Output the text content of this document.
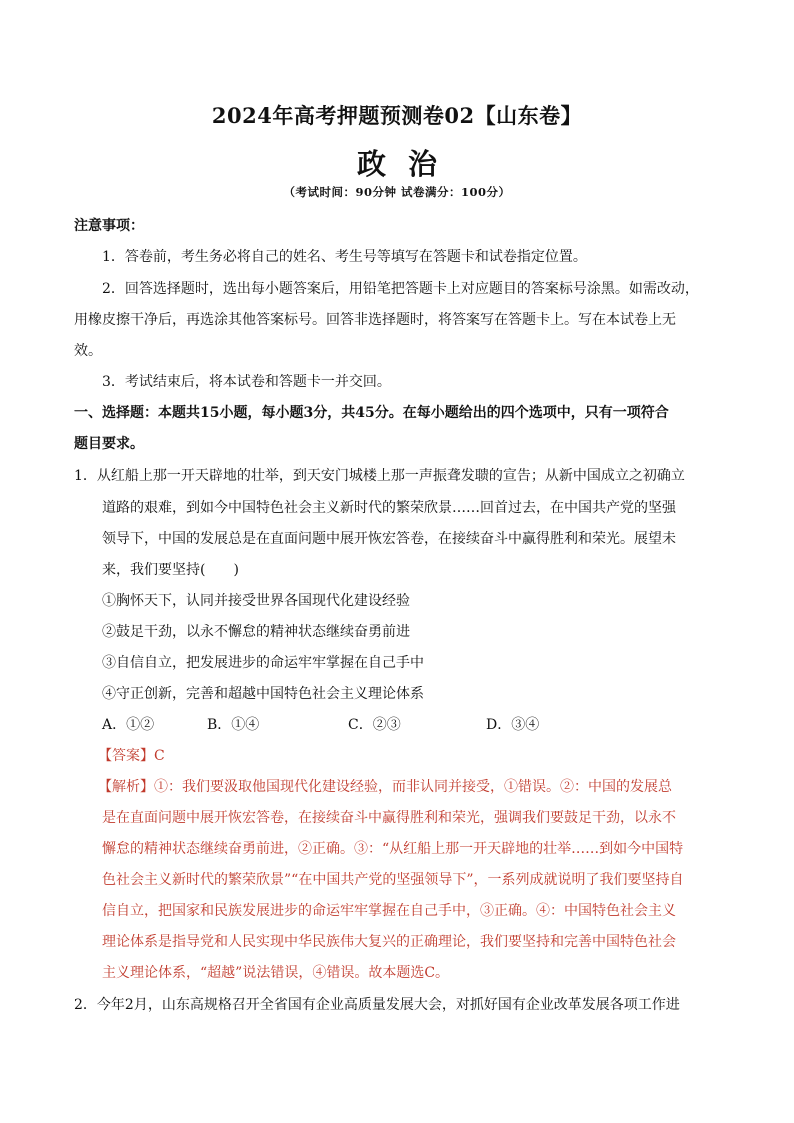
2024年高考押题预测卷02【山东卷】
政治
（考试时间：90分钟 试卷满分：100分）
注意事项：
1．答卷前，考生务必将自己的姓名、考生号等填写在答题卡和试卷指定位置。
2．回答选择题时，选出每小题答案后，用铅笔把答题卡上对应题目的答案标号涂黑。如需改动，
用橡皮擦干净后，再选涂其他答案标号。回答非选择题时，将答案写在答题卡上。写在本试卷上无
效。
3．考试结束后，将本试卷和答题卡一并交回。
一、选择题：本题共15小题，每小题3分，共45分。在每小题给出的四个选项中，只有一项符合
题目要求。
1．从红船上那一开天辟地的壮举，到天安门城楼上那一声振聋发聩的宣告；从新中国成立之初确立
道路的艰难，到如今中国特色社会主义新时代的繁荣欣景……回首过去，在中国共产党的坚强
领导下，中国的发展总是在直面问题中展开恢宏答卷，在接续奋斗中赢得胜利和荣光。展望未
来，我们要坚持(　　)
①胸怀天下，认同并接受世界各国现代化建设经验
②鼓足干劲，以永不懈怠的精神状态继续奋勇前进
③自信自立，把发展进步的命运牢牢掌握在自己手中
④守正创新，完善和超越中国特色社会主义理论体系
A．①②	B．①④	C．②③	D．③④
【答案】C
【解析】①：我们要汲取他国现代化建设经验，而非认同并接受，①错误。②：中国的发展总
是在直面问题中展开恢宏答卷，在接续奋斗中赢得胜利和荣光，强调我们要鼓足干劲，以永不
懈怠的精神状态继续奋勇前进，②正确。③：“从红船上那一开天辟地的壮举……到如今中国特
色社会主义新时代的繁荣欣景”“在中国共产党的坚强领导下”，一系列成就说明了我们要坚持自
信自立，把国家和民族发展进步的命运牢牢掌握在自己手中，③正确。④：中国特色社会主义
理论体系是指导党和人民实现中华民族伟大复兴的正确理论，我们要坚持和完善中国特色社会
主义理论体系，“超越”说法错误，④错误。故本题选C。
2．今年2月，山东高规格召开全省国有企业高质量发展大会，对抓好国有企业改革发展各项工作进
